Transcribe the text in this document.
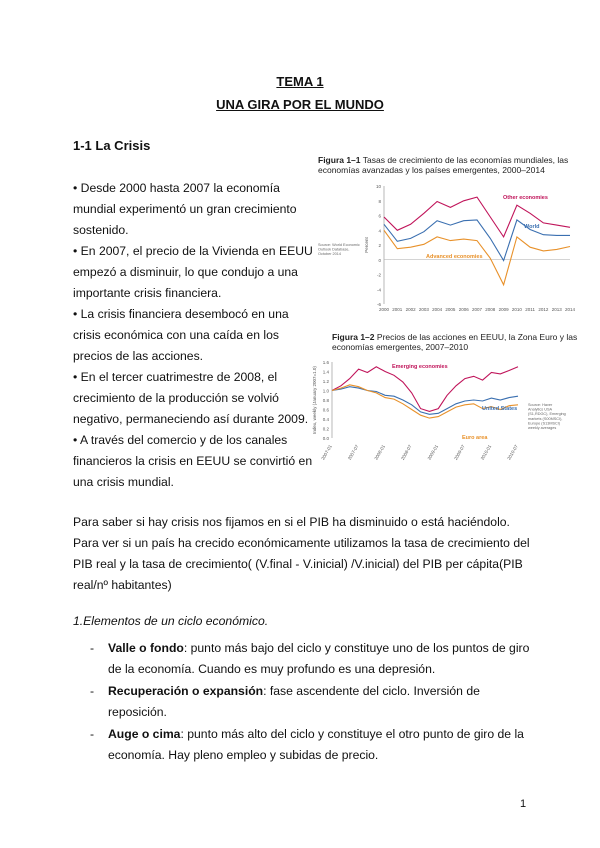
TEMA 1
UNA GIRA POR EL MUNDO
1-1 La Crisis

• Desde 2000 hasta 2007 la economía mundial experimentó un gran crecimiento sostenido.

• En 2007, el precio de la Vivienda en EEUU empezó a disminuir, lo que condujo a una importante crisis financiera.

• La crisis financiera desembocó en una crisis económica con una caída en los precios de las acciones.

• En el tercer cuatrimestre de 2008, el crecimiento de la producción se volvió negativo, permaneciendo así durante 2009.

• A través del comercio y de los canales financieros la crisis en EEUU se convirtió en una crisis mundial.

Figura 1–1 Tasas de crecimiento de las economías mundiales, las economías avanzadas y los países emergentes, 2000–2014
10
8
6
4
2
0
-2
-4
-6
Percent
2000 2001 2002 2003 2004 2005 2006 2007 2008 2009 2010 2011 2012 2013 2014
Other economies
World
Advanced economies
Source: World Economic Outlook Database, October 2014
Figura 1–2 Precios de las acciones en EEUU, la Zona Euro y las economías emergentes, 2007–2010
1.6
1.4
1.2
1.0
0.8
0.6
0.4
0.2
0.0
Index, weekly (January 2007=1.0)
2007-01	2007-07	2008-01	2008-07	2009-01	2009-07	2010-01	2010-07
Emerging economies
United States
Euro area
Source: Haver Analytics USA (S1,RDGC), Emerging markets (S00MSCI), Europe (S13MSCI) weekly averages

Para saber si hay crisis nos fijamos en si el PIB ha disminuido o está haciéndolo.

Para ver si un país ha crecido económicamente utilizamos la tasa de crecimiento del PIB real y la tasa de crecimiento( (V.final - V.inicial) /V.inicial) del PIB per cápita(PIB real/nº habitantes)

1.Elementos de un ciclo económico.
- Valle o fondo: punto más bajo del ciclo y constituye uno de los puntos de giro de la economía. Cuando es muy profundo es una depresión.
- Recuperación o expansión: fase ascendente del ciclo. Inversión de reposición.
- Auge o cima: punto más alto del ciclo y constituye el otro punto de giro de la economía. Hay pleno empleo y subidas de precio.
1
